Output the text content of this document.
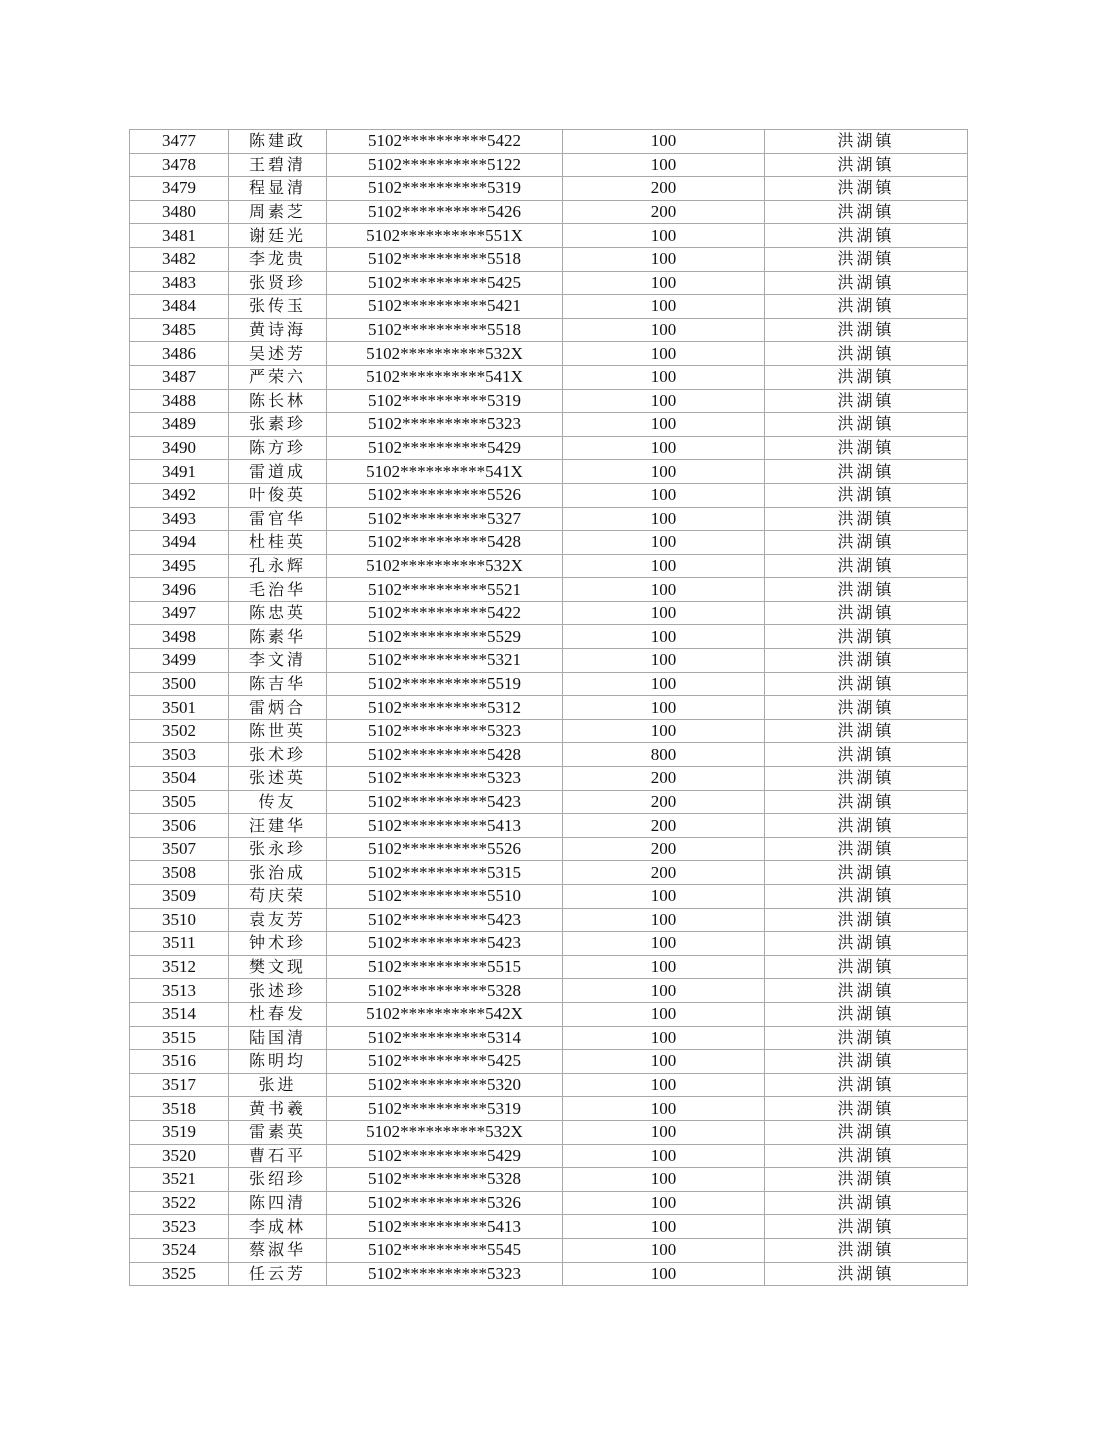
3477	陈建政	5102**********5422	100	洪湖镇
3478	王碧清	5102**********5122	100	洪湖镇
3479	程显清	5102**********5319	200	洪湖镇
3480	周素芝	5102**********5426	200	洪湖镇
3481	谢廷光	5102**********551X	100	洪湖镇
3482	李龙贵	5102**********5518	100	洪湖镇
3483	张贤珍	5102**********5425	100	洪湖镇
3484	张传玉	5102**********5421	100	洪湖镇
3485	黄诗海	5102**********5518	100	洪湖镇
3486	吴述芳	5102**********532X	100	洪湖镇
3487	严荣六	5102**********541X	100	洪湖镇
3488	陈长林	5102**********5319	100	洪湖镇
3489	张素珍	5102**********5323	100	洪湖镇
3490	陈方珍	5102**********5429	100	洪湖镇
3491	雷道成	5102**********541X	100	洪湖镇
3492	叶俊英	5102**********5526	100	洪湖镇
3493	雷官华	5102**********5327	100	洪湖镇
3494	杜桂英	5102**********5428	100	洪湖镇
3495	孔永辉	5102**********532X	100	洪湖镇
3496	毛治华	5102**********5521	100	洪湖镇
3497	陈忠英	5102**********5422	100	洪湖镇
3498	陈素华	5102**********5529	100	洪湖镇
3499	李文清	5102**********5321	100	洪湖镇
3500	陈吉华	5102**********5519	100	洪湖镇
3501	雷炳合	5102**********5312	100	洪湖镇
3502	陈世英	5102**********5323	100	洪湖镇
3503	张术珍	5102**********5428	800	洪湖镇
3504	张述英	5102**********5323	200	洪湖镇
3505	传友	5102**********5423	200	洪湖镇
3506	汪建华	5102**********5413	200	洪湖镇
3507	张永珍	5102**********5526	200	洪湖镇
3508	张治成	5102**********5315	200	洪湖镇
3509	苟庆荣	5102**********5510	100	洪湖镇
3510	袁友芳	5102**********5423	100	洪湖镇
3511	钟术珍	5102**********5423	100	洪湖镇
3512	樊文现	5102**********5515	100	洪湖镇
3513	张述珍	5102**********5328	100	洪湖镇
3514	杜春发	5102**********542X	100	洪湖镇
3515	陆国清	5102**********5314	100	洪湖镇
3516	陈明均	5102**********5425	100	洪湖镇
3517	张进	5102**********5320	100	洪湖镇
3518	黄书羲	5102**********5319	100	洪湖镇
3519	雷素英	5102**********532X	100	洪湖镇
3520	曹石平	5102**********5429	100	洪湖镇
3521	张绍珍	5102**********5328	100	洪湖镇
3522	陈四清	5102**********5326	100	洪湖镇
3523	李成林	5102**********5413	100	洪湖镇
3524	蔡淑华	5102**********5545	100	洪湖镇
3525	任云芳	5102**********5323	100	洪湖镇
